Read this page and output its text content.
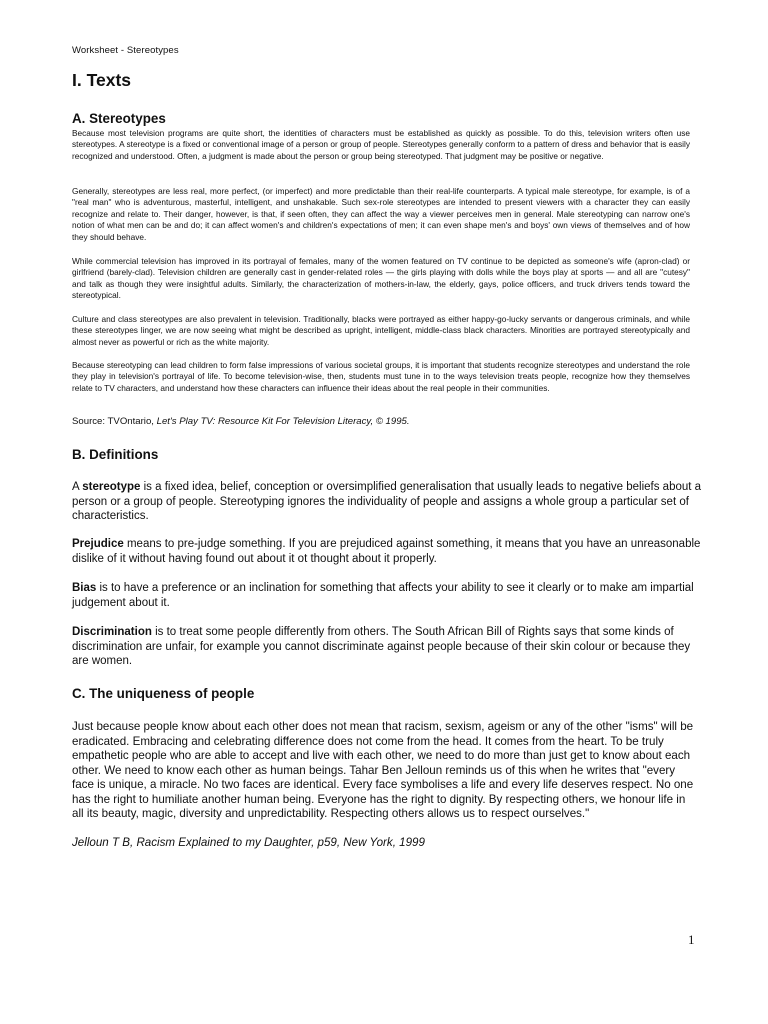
Worksheet - Stereotypes
I. Texts
A. Stereotypes

Because most television programs are quite short, the identities of characters must be established as quickly as possible. To do this, television writers often use stereotypes. A stereotype is a fixed or conventional image of a person or group of people. Stereotypes generally conform to a pattern of dress and behavior that is easily recognized and understood. Often, a judgment is made about the person or group being stereotyped. That judgment may be positive or negative.

Generally, stereotypes are less real, more perfect, (or imperfect) and more predictable than their real-life counterparts. A typical male stereotype, for example, is of a "real man" who is adventurous, masterful, intelligent, and unshakable. Such sex-role stereotypes are intended to present viewers with a character they can easily recognize and relate to. Their danger, however, is that, if seen often, they can affect the way a viewer perceives men in general. Male stereotyping can narrow one's notion of what men can be and do; it can affect women's and children's expectations of men; it can even shape men's and boys' own views of themselves and of how they should behave.

While commercial television has improved in its portrayal of females, many of the women featured on TV continue to be depicted as someone's wife (apron-clad) or girlfriend (barely-clad). Television children are generally cast in gender-related roles — the girls playing with dolls while the boys play at sports — and all are "cutesy" and talk as though they were insightful adults. Similarly, the characterization of mothers-in-law, the elderly, gays, police officers, and truck drivers tends toward the stereotypical.

Culture and class stereotypes are also prevalent in television. Traditionally, blacks were portrayed as either happy-go-lucky servants or dangerous criminals, and while these stereotypes linger, we are now seeing what might be described as upright, intelligent, middle-class black characters. Minorities are portrayed stereotypically and almost never as powerful or rich as the white majority.

Because stereotyping can lead children to form false impressions of various societal groups, it is important that students recognize stereotypes and understand the role they play in television's portrayal of life. To become television-wise, then, students must tune in to the ways television treats people, recognize how they themselves relate to TV characters, and understand how these characters can influence their ideas about the real people in their communities.

Source: TVOntario, Let's Play TV: Resource Kit For Television Literacy, © 1995.
B. Definitions

A stereotype is a fixed idea, belief, conception or oversimplified generalisation that usually leads to negative beliefs about a person or a group of people. Stereotyping ignores the individuality of people and assigns a whole group a particular set of characteristics.

Prejudice means to pre-judge something. If you are prejudiced against something, it means that you have an unreasonable dislike of it without having found out about it ot thought about it properly.

Bias is to have a preference or an inclination for something that affects your ability to see it clearly or to make am impartial judgement about it.

Discrimination is to treat some people differently from others. The South African Bill of Rights says that some kinds of discrimination are unfair, for example you cannot discriminate against people because of their skin colour or because they are women.

C. The uniqueness of people

Just because people know about each other does not mean that racism, sexism, ageism or any of the other "isms" will be eradicated. Embracing and celebrating difference does not come from the head. It comes from the heart. To be truly empathetic people who are able to accept and live with each other, we need to do more than just get to know about each other. We need to know each other as human beings. Tahar Ben Jelloun reminds us of this when he writes that "every face is unique, a miracle. No two faces are identical. Every face symbolises a life and every life deserves respect. No one has the right to humiliate another human being. Everyone has the right to dignity. By respecting others, we honour life in all its beauty, magic, diversity and unpredictability. Respecting others allows us to respect ourselves."

Jelloun T B, Racism Explained to my Daughter, p59, New York, 1999
1
